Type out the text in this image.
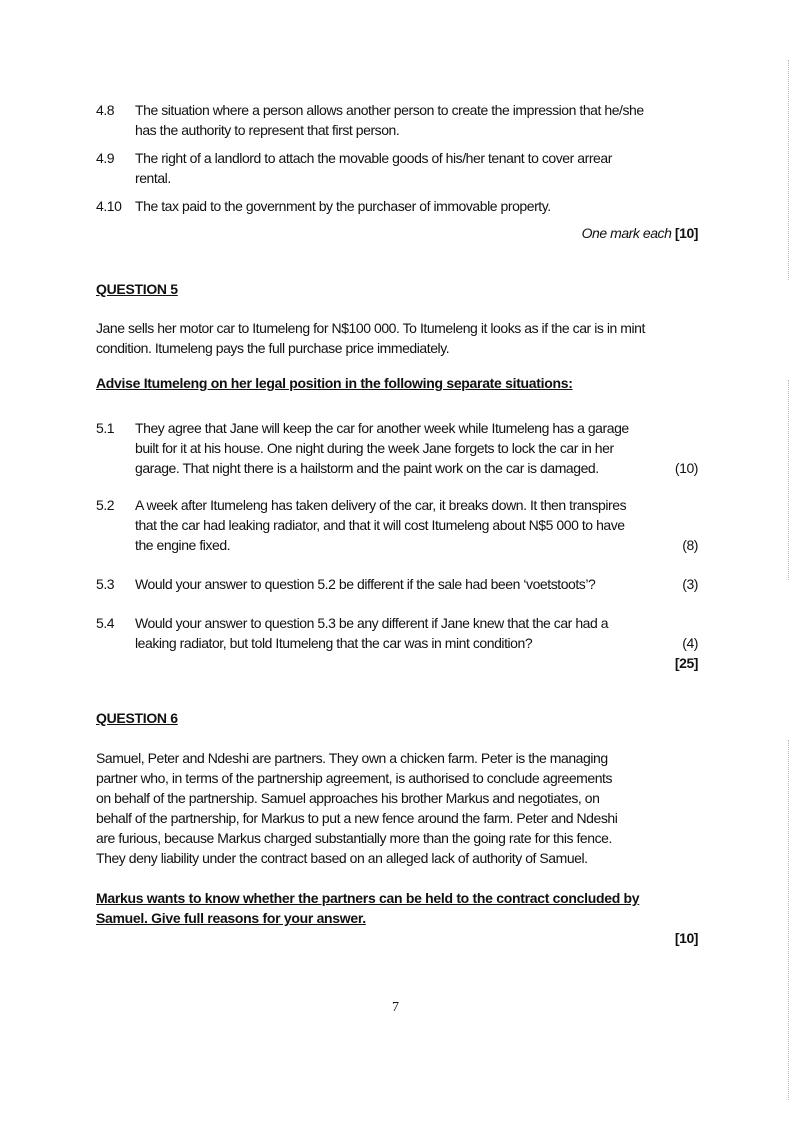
4.8 The situation where a person allows another person to create the impression that he/she
has the authority to represent that first person.
4.9 The right of a landlord to attach the movable goods of his/her tenant to cover arrear
rental.
4.10 The tax paid to the government by the purchaser of immovable property.
One mark each [10]
QUESTION 5
Jane sells her motor car to Itumeleng for N$100 000. To Itumeleng it looks as if the car is in mint
condition. Itumeleng pays the full purchase price immediately.
Advise Itumeleng on her legal position in the following separate situations:
5.1 They agree that Jane will keep the car for another week while Itumeleng has a garage
built for it at his house. One night during the week Jane forgets to lock the car in her
garage. That night there is a hailstorm and the paint work on the car is damaged.	(10)
5.2 A week after Itumeleng has taken delivery of the car, it breaks down. It then transpires
that the car had leaking radiator, and that it will cost Itumeleng about N$5 000 to have
the engine fixed.	(8)
5.3 Would your answer to question 5.2 be different if the sale had been ‘voetstoots’?	(3)
5.4 Would your answer to question 5.3 be any different if Jane knew that the car had a
leaking radiator, but told Itumeleng that the car was in mint condition?	(4)
[25]
QUESTION 6
Samuel, Peter and Ndeshi are partners. They own a chicken farm. Peter is the managing
partner who, in terms of the partnership agreement, is authorised to conclude agreements
on behalf of the partnership. Samuel approaches his brother Markus and negotiates, on
behalf of the partnership, for Markus to put a new fence around the farm. Peter and Ndeshi
are furious, because Markus charged substantially more than the going rate for this fence.
They deny liability under the contract based on an alleged lack of authority of Samuel.
Markus wants to know whether the partners can be held to the contract concluded by
Samuel. Give full reasons for your answer.
[10]
7
